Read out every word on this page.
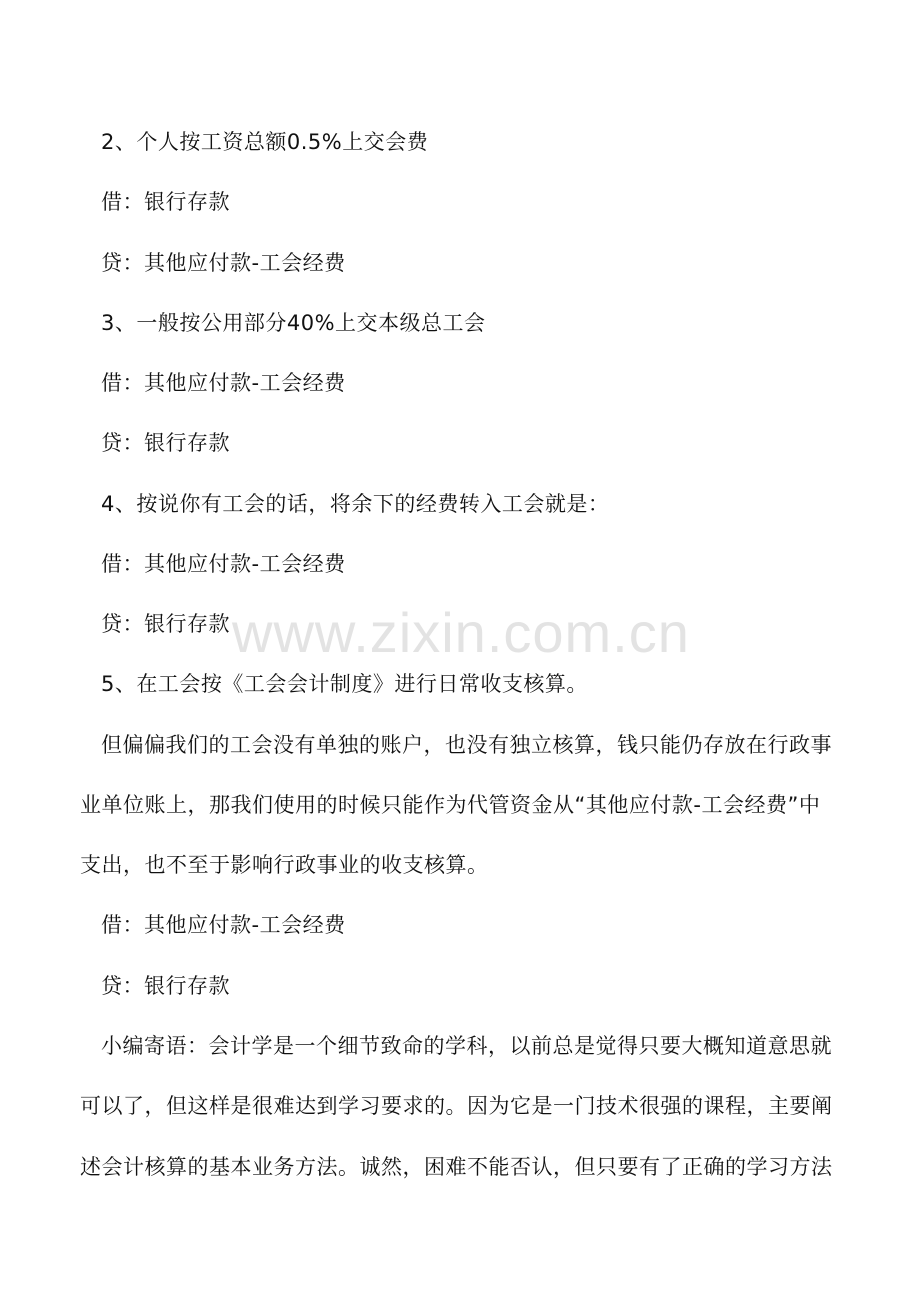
2、个人按工资总额0.5%上交会费
借：银行存款
贷：其他应付款-工会经费
3、一般按公用部分40%上交本级总工会
借：其他应付款-工会经费
贷：银行存款
4、按说你有工会的话，将余下的经费转入工会就是：
借：其他应付款-工会经费
贷：银行存款
5、在工会按《工会会计制度》进行日常收支核算。
但偏偏我们的工会没有单独的账户，也没有独立核算，钱只能仍存放在行政事
业单位账上，那我们使用的时候只能作为代管资金从“其他应付款-工会经费”中
支出，也不至于影响行政事业的收支核算。
借：其他应付款-工会经费
贷：银行存款
小编寄语：会计学是一个细节致命的学科，以前总是觉得只要大概知道意思就
可以了，但这样是很难达到学习要求的。因为它是一门技术很强的课程，主要阐
述会计核算的基本业务方法。诚然，困难不能否认，但只要有了正确的学习方法
www.zixin.com.cn
